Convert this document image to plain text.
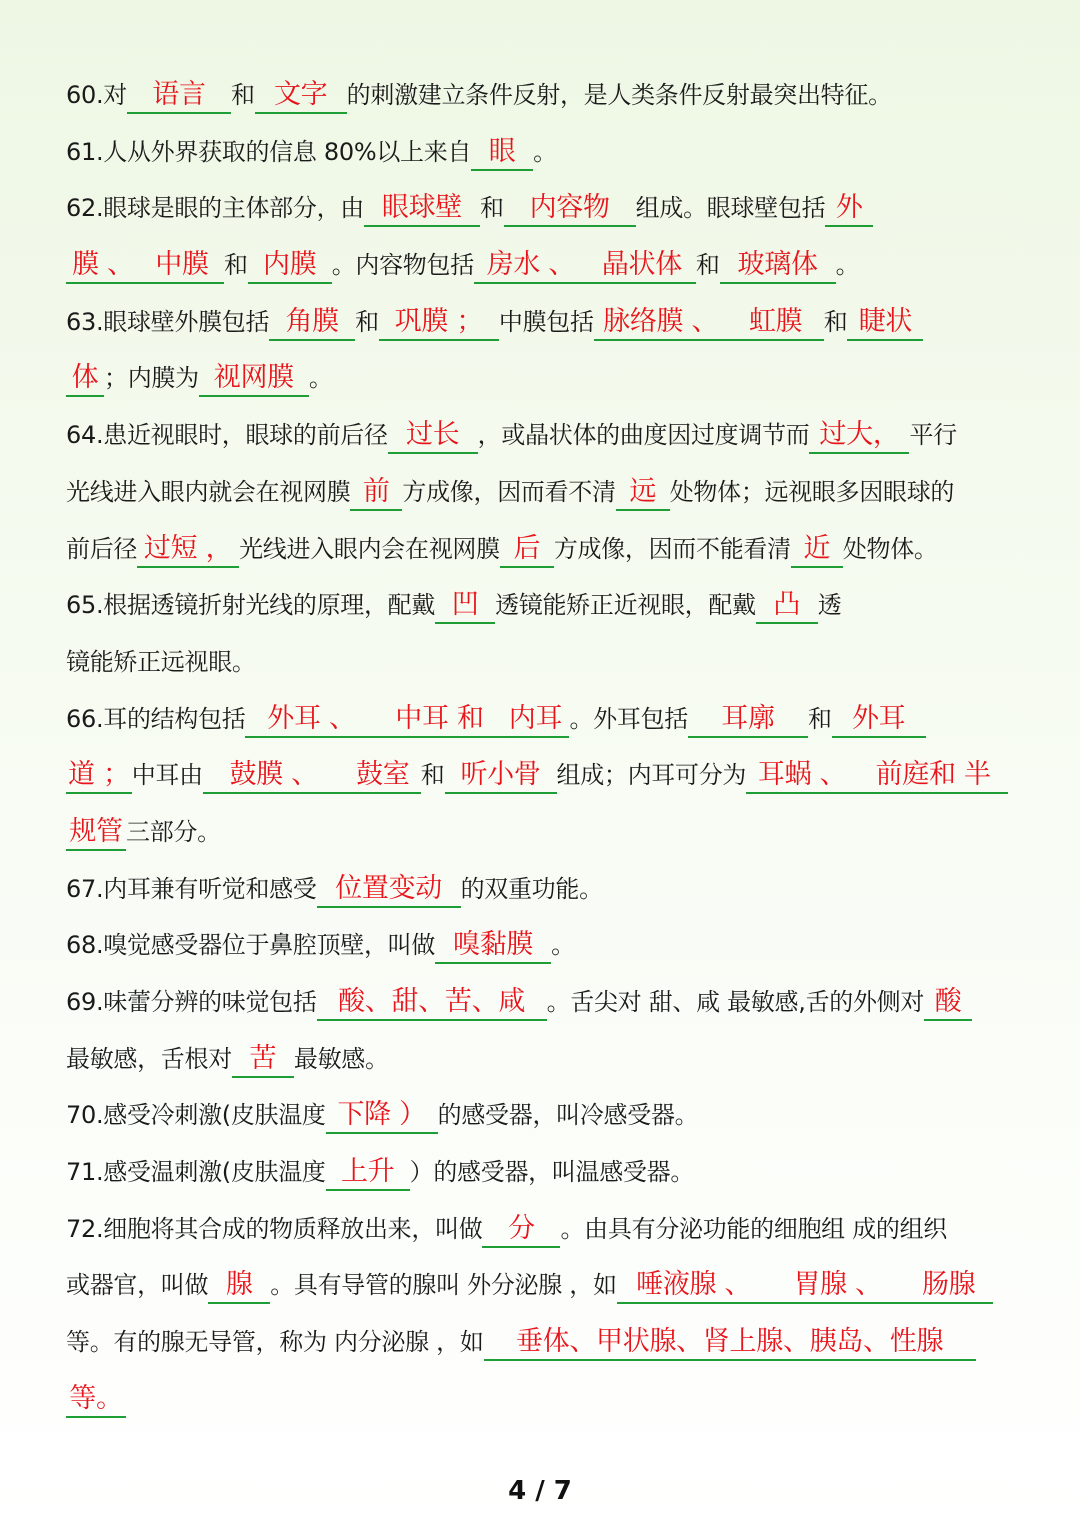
60.对 语言 和 文字 的刺激建立条件反射，是人类条件反射最突出特征。
61.人从外界获取的信息 80%以上来自 眼 。
62.眼球是眼的主体部分，由 眼球壁 和 内容物 组成。眼球壁包括 外
膜 、 中膜 和 内膜 。内容物包括 房水 、 晶状体 和 玻璃体 。
63.眼球壁外膜包括 角膜 和 巩膜 ； 中膜包括 脉络膜 、 虹膜 和 睫状
体 ；内膜为 视网膜 。
64.患近视眼时，眼球的前后径 过长 ，或晶状体的曲度因过度调节而 过大， 平行
光线进入眼内就会在视网膜 前 方成像，因而看不清 远 处物体；远视眼多因眼球的
前后径 过短 ， 光线进入眼内会在视网膜 后 方成像，因而不能看清 近 处物体。
65.根据透镜折射光线的原理，配戴 凹 透镜能矫正近视眼，配戴 凸 透
镜能矫正远视眼。
66.耳的结构包括 外耳 、 中耳 和 内耳 。外耳包括 耳廓 和 外耳
道 ；中耳由 鼓膜 、 鼓室 和 听小骨 组成；内耳可分为 耳蜗 、 前庭和 半
规管 三部分。
67.内耳兼有听觉和感受 位置变动 的双重功能。
68.嗅觉感受器位于鼻腔顶壁，叫做 嗅黏膜 。
69.味蕾分辨的味觉包括 酸、甜、苦、咸 。舌尖对 甜、咸 最敏感,舌的外侧对 酸
最敏感，舌根对 苦 最敏感。
70.感受冷刺激(皮肤温度 下降 ） 的感受器，叫冷感受器。
71.感受温刺激(皮肤温度 上升 ）的感受器，叫温感受器。
72.细胞将其合成的物质释放出来，叫做 分 。由具有分泌功能的细胞组 成的组织
或器官，叫做 腺 。具有导管的腺叫 外分泌腺 ，如 唾液腺 、 胃腺 、 肠腺
等。有的腺无导管，称为 内分泌腺 ，如 垂体、甲状腺、肾上腺、胰岛、性腺
等。
4 / 7
